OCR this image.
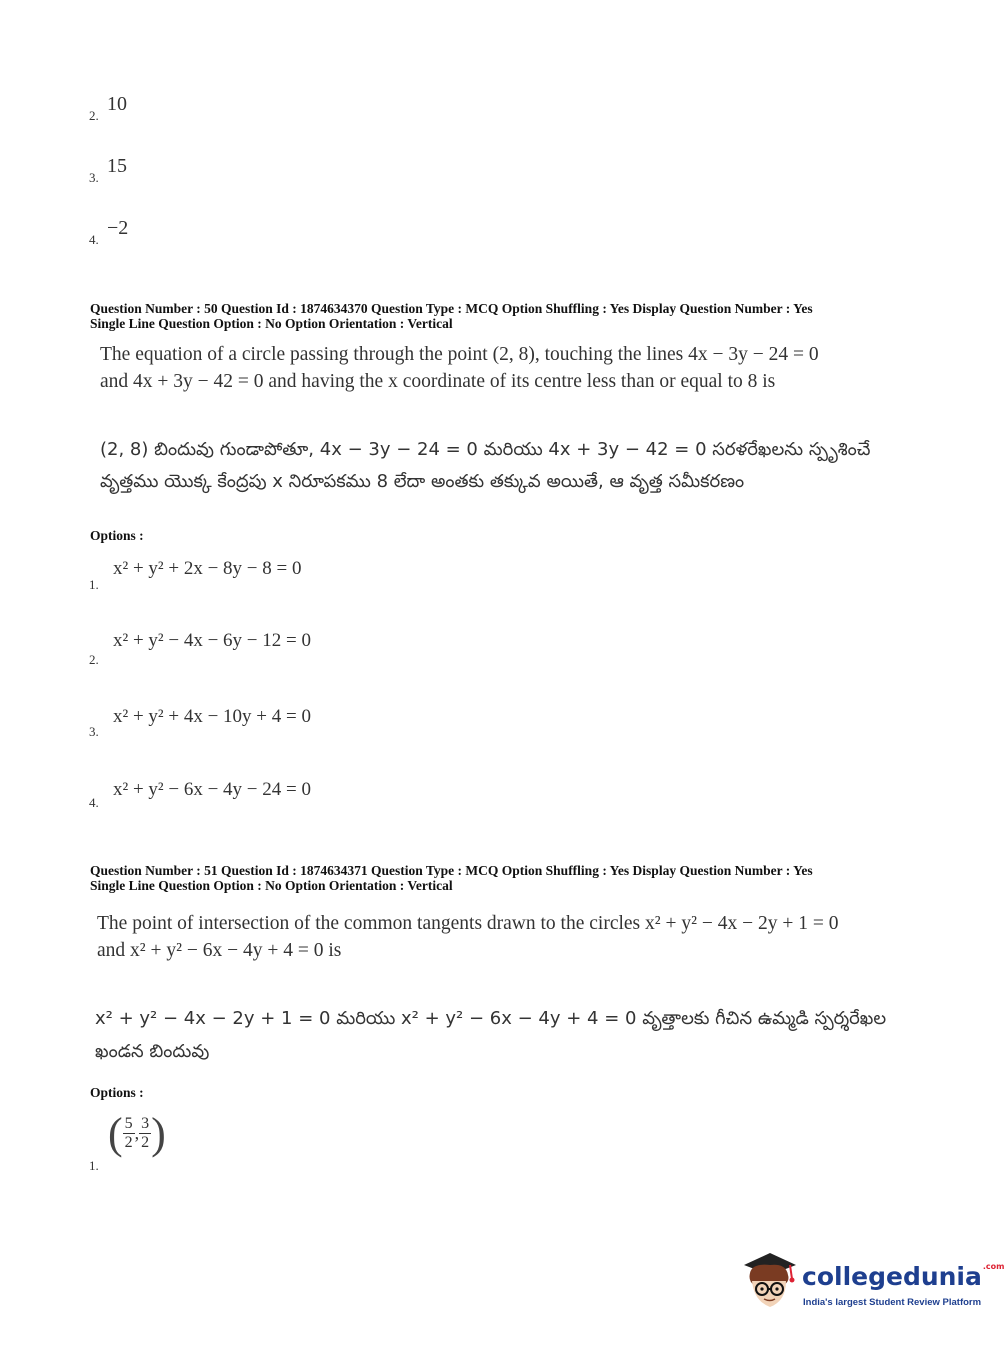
2.
10
3.
15
4.
−2
Question Number : 50 Question Id : 1874634370 Question Type : MCQ Option Shuffling : Yes Display Question Number : Yes
Single Line Question Option : No Option Orientation : Vertical
The equation of a circle passing through the point (2, 8), touching the lines 4x − 3y − 24 = 0
and 4x + 3y − 42 = 0 and having the x coordinate of its centre less than or equal to 8 is
(2, 8) బిందువు గుండాపోతూ, 4x − 3y − 24 = 0 మరియు 4x + 3y − 42 = 0 సరళరేఖలను స్పృశించే
వృత్తము యొక్క కేంద్రపు x నిరూపకము 8 లేదా అంతకు తక్కువ అయితే, ఆ వృత్త సమీకరణం
Options :
1.
x² + y² + 2x − 8y − 8 = 0
2.
x² + y² − 4x − 6y − 12 = 0
3.
x² + y² + 4x − 10y + 4 = 0
4.
x² + y² − 6x − 4y − 24 = 0
Question Number : 51 Question Id : 1874634371 Question Type : MCQ Option Shuffling : Yes Display Question Number : Yes
Single Line Question Option : No Option Orientation : Vertical
The point of intersection of the common tangents drawn to the circles x² + y² − 4x − 2y + 1 = 0
and x² + y² − 6x − 4y + 4 = 0 is
x² + y² − 4x − 2y + 1 = 0 మరియు x² + y² − 6x − 4y + 4 = 0 వృత్తాలకు గీచిన ఉమ్మడి స్పర్శరేఖల
ఖండన బిందువు
Options :
1.
( $\frac{5}{2}$ , $\frac{3}{2}$ )
collegedunia$^{.com}$
India's largest Student Review Platform
